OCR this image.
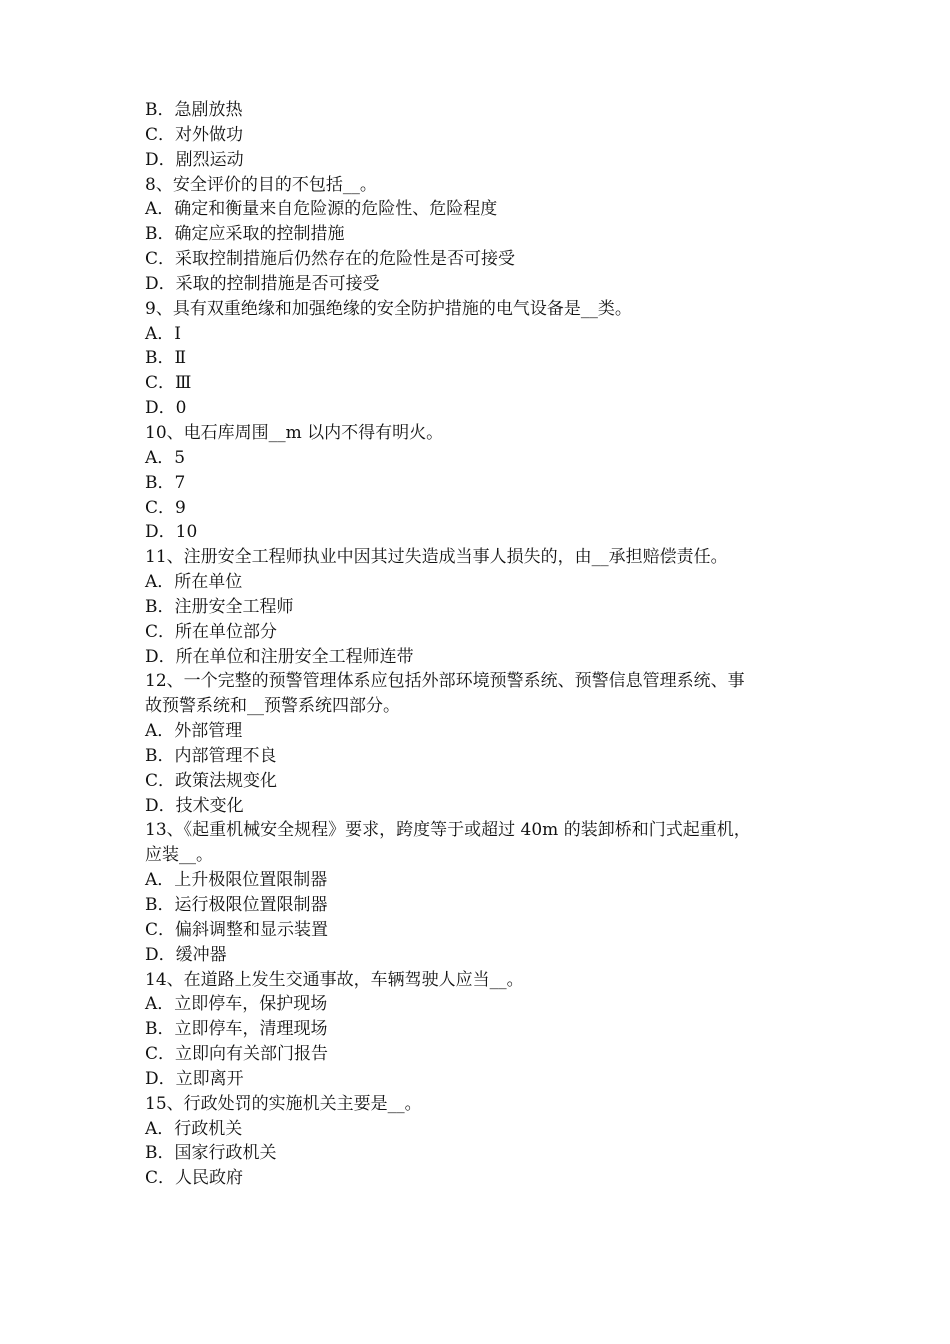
B．急剧放热
C．对外做功
D．剧烈运动
8、安全评价的目的不包括__。
A．确定和衡量来自危险源的危险性、危险程度
B．确定应采取的控制措施
C．采取控制措施后仍然存在的危险性是否可接受
D．采取的控制措施是否可接受
9、具有双重绝缘和加强绝缘的安全防护措施的电气设备是__类。
A．Ⅰ
B．Ⅱ
C．Ⅲ
D．0
10、电石库周围__m 以内不得有明火。
A．5
B．7
C．9
D．10
11、注册安全工程师执业中因其过失造成当事人损失的，由__承担赔偿责任。
A．所在单位
B．注册安全工程师
C．所在单位部分
D．所在单位和注册安全工程师连带
12、一个完整的预警管理体系应包括外部环境预警系统、预警信息管理系统、事
故预警系统和__预警系统四部分。
A．外部管理
B．内部管理不良
C．政策法规变化
D．技术变化
13、《起重机械安全规程》要求，跨度等于或超过 40m 的装卸桥和门式起重机，
应装__。
A．上升极限位置限制器
B．运行极限位置限制器
C．偏斜调整和显示装置
D．缓冲器
14、在道路上发生交通事故，车辆驾驶人应当__。
A．立即停车，保护现场
B．立即停车，清理现场
C．立即向有关部门报告
D．立即离开
15、行政处罚的实施机关主要是__。
A．行政机关
B．国家行政机关
C．人民政府
